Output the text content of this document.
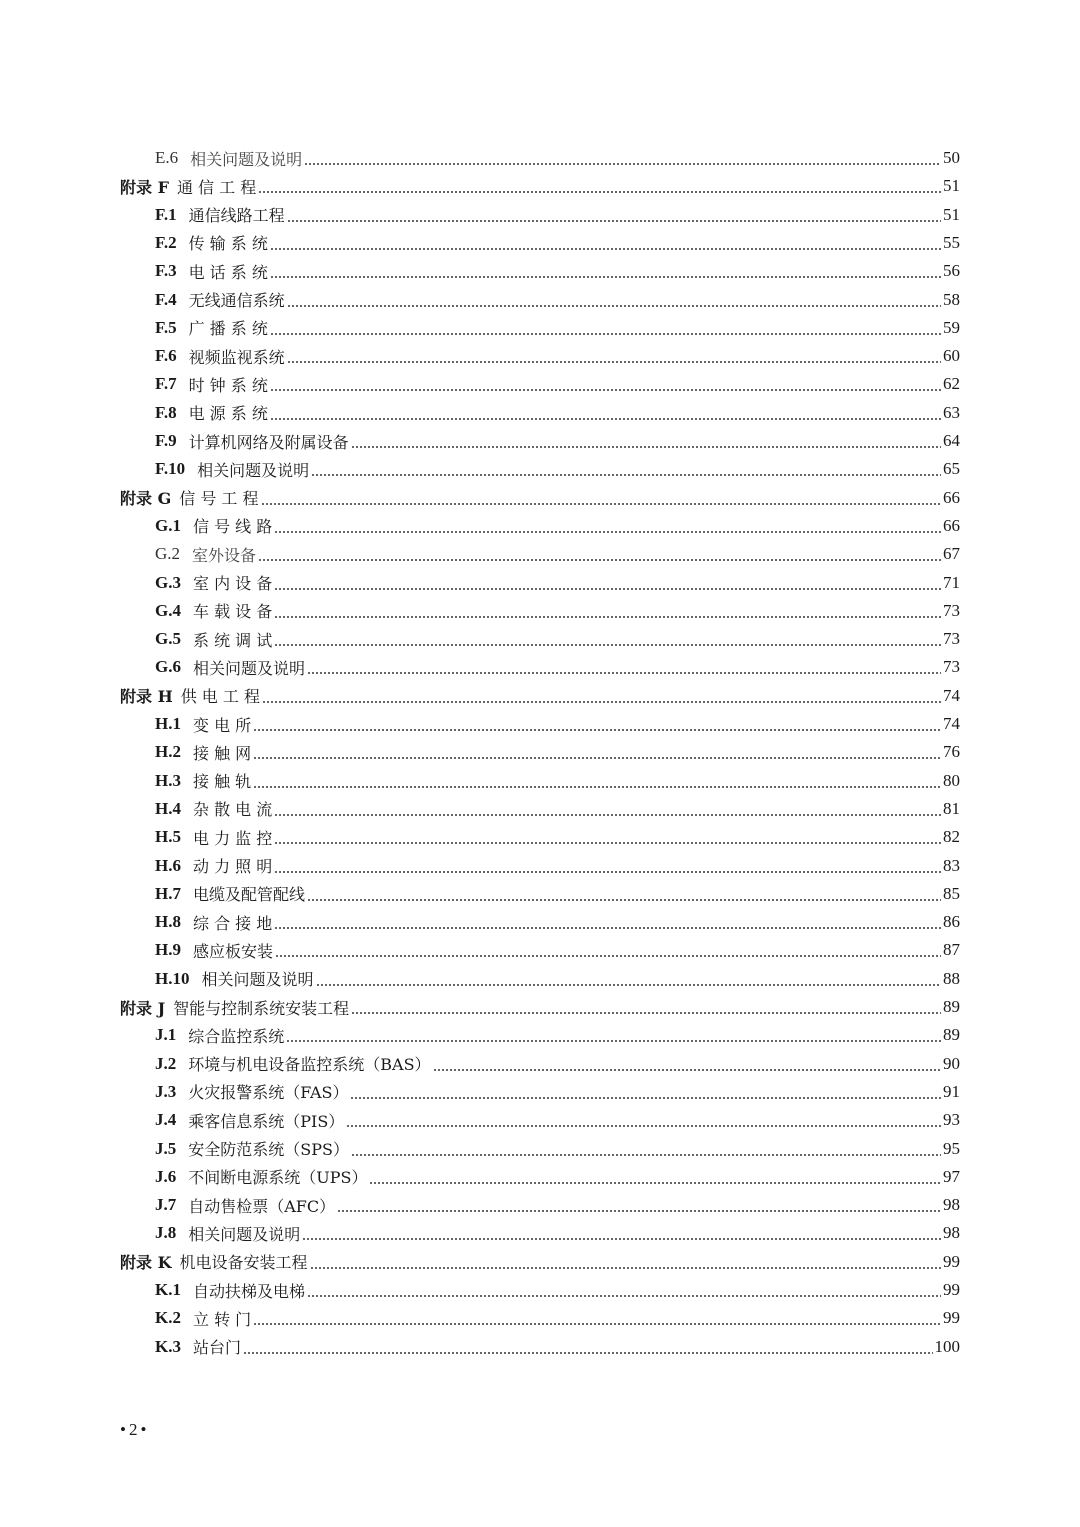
E.6 相关问题及说明	50
附录 F 通 信 工 程	51
F.1 通信线路工程	51
F.2 传 输 系 统	55
F.3 电 话 系 统	56
F.4 无线通信系统	58
F.5 广 播 系 统	59
F.6 视频监视系统	60
F.7 时 钟 系 统	62
F.8 电 源 系 统	63
F.9 计算机网络及附属设备	64
F.10 相关问题及说明	65
附录 G 信 号 工 程	66
G.1 信 号 线 路	66
G.2 室外设备	67
G.3 室 内 设 备	71
G.4 车 载 设 备	73
G.5 系 统 调 试	73
G.6 相关问题及说明	73
附录 H 供 电 工 程	74
H.1 变 电 所	74
H.2 接 触 网	76
H.3 接 触 轨	80
H.4 杂 散 电 流	81
H.5 电 力 监 控	82
H.6 动 力 照 明	83
H.7 电缆及配管配线	85
H.8 综 合 接 地	86
H.9 感应板安装	87
H.10 相关问题及说明	88
附录 J 智能与控制系统安装工程	89
J.1 综合监控系统	89
J.2 环境与机电设备监控系统（BAS）	90
J.3 火灾报警系统（FAS）	91
J.4 乘客信息系统（PIS）	93
J.5 安全防范系统（SPS）	95
J.6 不间断电源系统（UPS）	97
J.7 自动售检票（AFC）	98
J.8 相关问题及说明	98
附录 K 机电设备安装工程	99
K.1 自动扶梯及电梯	99
K.2 立 转 门	99
K.3 站台门	100
•2•
